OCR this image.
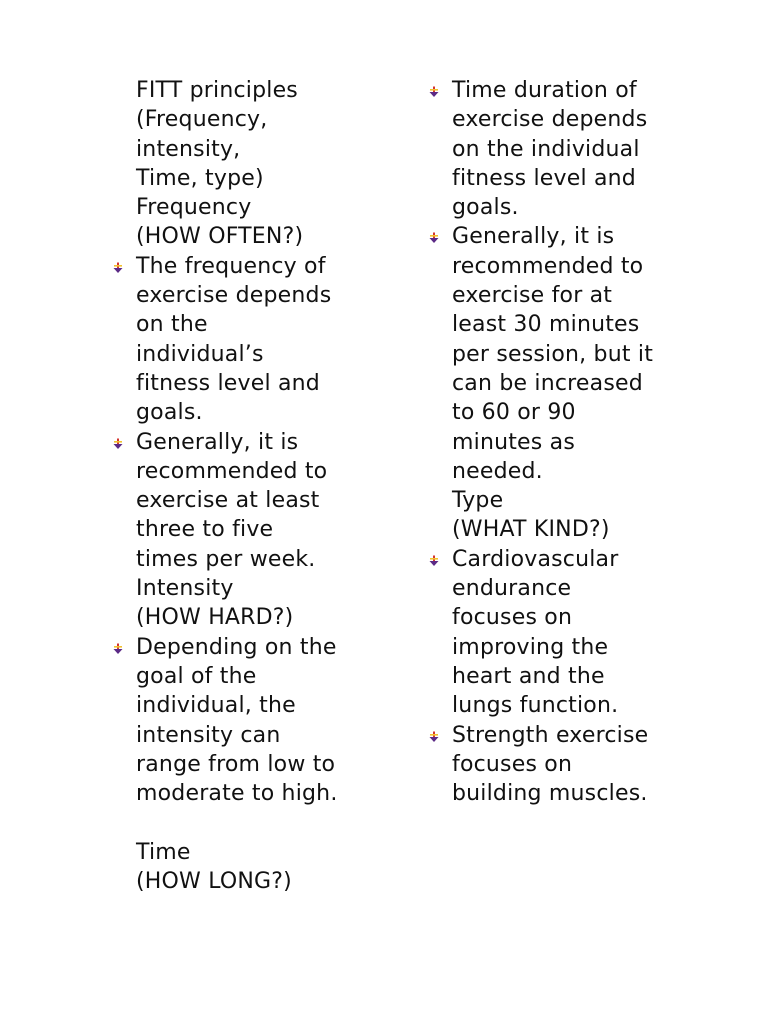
FITT principles
(Frequency,
intensity,
Time, type)
Frequency
(HOW OFTEN?)
The frequency of
exercise depends
on the
individual’s
fitness level and
goals.
Generally, it is
recommended to
exercise at least
three to five
times per week.
Intensity
(HOW HARD?)
Depending on the
goal of the
individual, the
intensity can
range from low to
moderate to high.
Time
(HOW LONG?)
Time duration of
exercise depends
on the individual
fitness level and
goals.
Generally, it is
recommended to
exercise for at
least 30 minutes
per session, but it
can be increased
to 60 or 90
minutes as
needed.
Type
(WHAT KIND?)
Cardiovascular
endurance
focuses on
improving the
heart and the
lungs function.
Strength exercise
focuses on
building muscles.
